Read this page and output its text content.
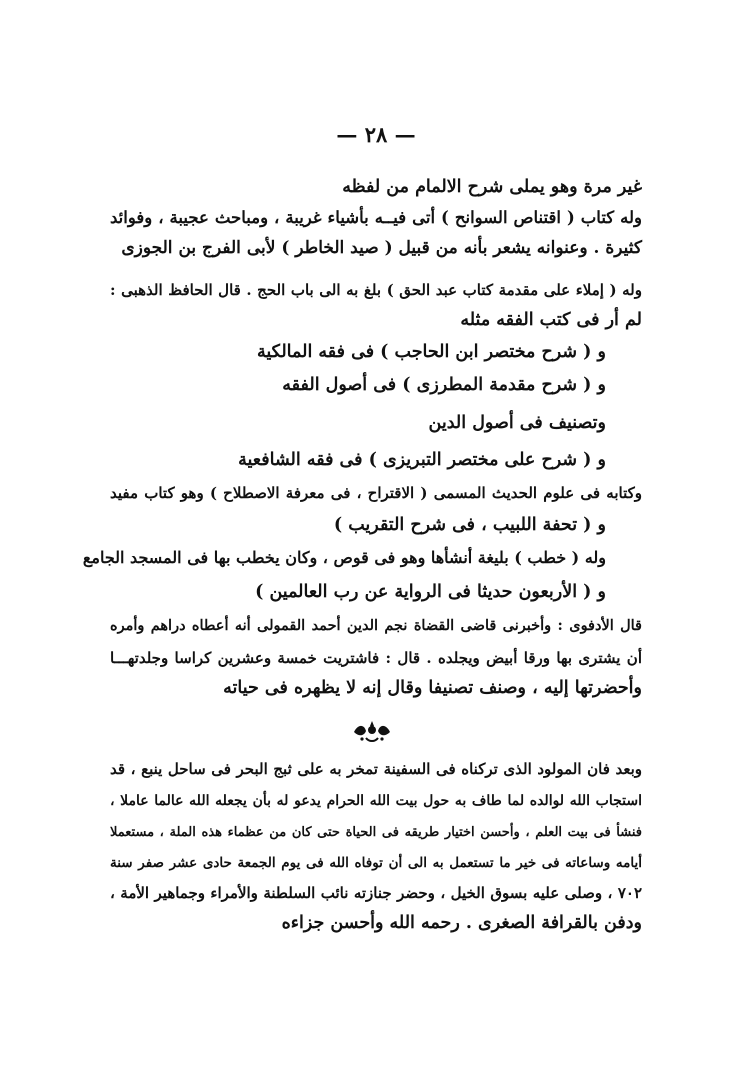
— ٢٨ —
غير مرة وهو يملى شرح الالمام من لفظه
وله كتاب ( اقتناص السوانح ) أتى فيــه بأشياء غريبة ، ومباحث عجيبة ، وفوائد
كثيرة . وعنوانه يشعر بأنه من قبيل ( صيد الخاطر ) لأبى الفرج بن الجوزى
وله ( إملاء على مقدمة كتاب عبد الحق ) بلغ به الى باب الحج . قال الحافظ الذهبى :
لم أر فى كتب الفقه مثله
و ( شرح مختصر ابن الحاجب ) فى فقه المالكية
و ( شرح مقدمة المطرزى ) فى أصول الفقه
وتصنيف فى أصول الدين
و ( شرح على مختصر التبريزى ) فى فقه الشافعية
وكتابه فى علوم الحديث المسمى ( الاقتراح ، فى معرفة الاصطلاح ) وهو كتاب مفيد
و ( تحفة اللبيب ، فى شرح التقريب )
وله ( خطب ) بليغة أنشأها وهو فى قوص ، وكان يخطب بها فى المسجد الجامع
و ( الأربعون حديثا فى الرواية عن رب العالمين )
قال الأدفوى : وأخبرنى قاضى القضاة نجم الدين أحمد القمولى أنه أعطاه دراهم وأمره
أن يشترى بها ورقا أبيض ويجلده . قال : فاشتريت خمسة وعشرين كراسا وجلدتهـــا
وأحضرتها إليه ، وصنف تصنيفا وقال إنه لا يظهره فى حياته
وبعد فان المولود الذى تركناه فى السفينة تمخر به على ثبج البحر فى ساحل ينبع ، قد
استجاب الله لوالده لما طاف به حول بيت الله الحرام يدعو له بأن يجعله الله عالما عاملا ،
فنشأ فى بيت العلم ، وأحسن اختيار طريقه فى الحياة حتى كان من عظماء هذه الملة ، مستعملا
أيامه وساعاته فى خير ما تستعمل به الى أن توفاه الله فى يوم الجمعة حادى عشر صفر سنة
٧٠٢ ، وصلى عليه بسوق الخيل ، وحضر جنازته نائب السلطنة والأمراء وجماهير الأمة ،
ودفن بالقرافة الصغرى . رحمه الله وأحسن جزاءه
